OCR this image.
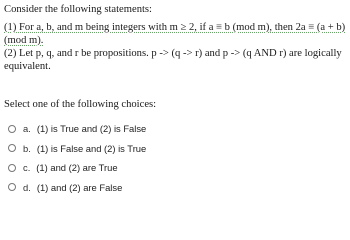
Consider the following statements:

(1) For a, b, and m being integers with m ≥ 2, if a ≡ b (mod m), then 2a ≡ (a + b)

(mod m).

(2) Let p, q, and r be propositions. p -> (q -> r) and p -> (q AND r) are logically

equivalent.

Select one of the following choices:
a. (1) is True and (2) is False
b. (1) is False and (2) is True
c. (1) and (2) are True
d. (1) and (2) are False
